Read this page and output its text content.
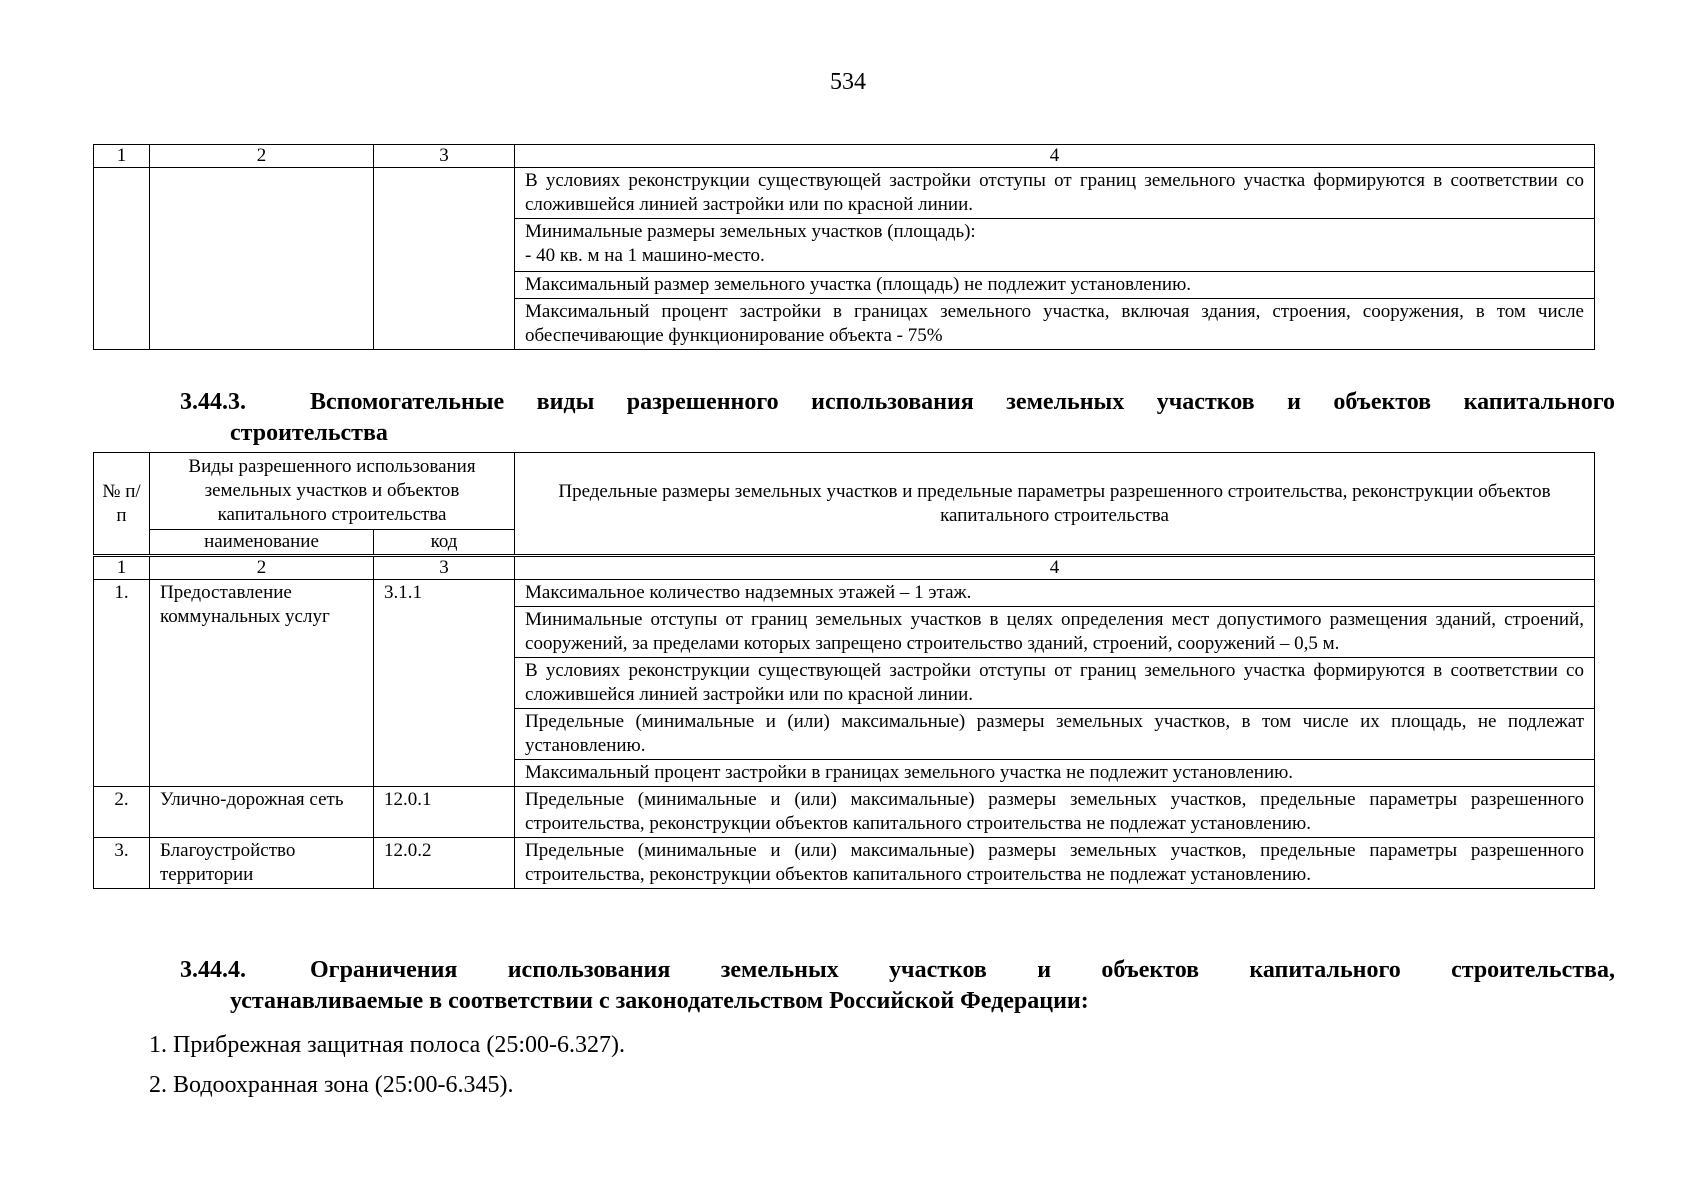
534
1	2	3	4
			В условиях реконструкции существующей застройки отступы от границ земельного участка формируются в соответствии со сложившейся линией застройки или по красной линии.

			Минимальные размеры земельных участков (площадь):
- 40 кв. м на 1 машино-место.

			Максимальный размер земельного участка (площадь) не подлежит установлению.
			Максимальный процент застройки в границах земельного участка, включая здания, строения, сооружения, в том числе обеспечивающие функционирование объекта - 75%
3.44.3.	Вспомогательные виды разрешенного использования земельных участков и объектов капитального
строительства
№ п/п	Виды разрешенного использования земельных участков и объектов капитального строительства		Предельные размеры земельных участков и предельные параметры разрешенного строительства, реконструкции объектов капитального строительства
	наименование	код	
1	2	3	4
1.	Предоставление коммунальных услуг	3.1.1	Максимальное количество надземных этажей – 1 этаж.
			Минимальные отступы от границ земельных участков в целях определения мест допустимого размещения зданий, строений, сооружений, за пределами которых запрещено строительство зданий, строений, сооружений – 0,5 м.
			В условиях реконструкции существующей застройки отступы от границ земельного участка формируются в соответствии со сложившейся линией застройки или по красной линии.
			Предельные (минимальные и (или) максимальные) размеры земельных участков, в том числе их площадь, не подлежат установлению.
			Максимальный процент застройки в границах земельного участка не подлежит установлению.
2.	Улично-дорожная сеть	12.0.1	Предельные (минимальные и (или) максимальные) размеры земельных участков, предельные параметры разрешенного строительства, реконструкции объектов капитального строительства не подлежат установлению.
3.	Благоустройство территории	12.0.2	Предельные (минимальные и (или) максимальные) размеры земельных участков, предельные параметры разрешенного строительства, реконструкции объектов капитального строительства не подлежат установлению.
3.44.4.	Ограничения использования земельных участков и объектов капитального строительства,
устанавливаемые в соответствии с законодательством Российской Федерации:
1. Прибрежная защитная полоса (25:00-6.327).
2. Водоохранная зона (25:00-6.345).
